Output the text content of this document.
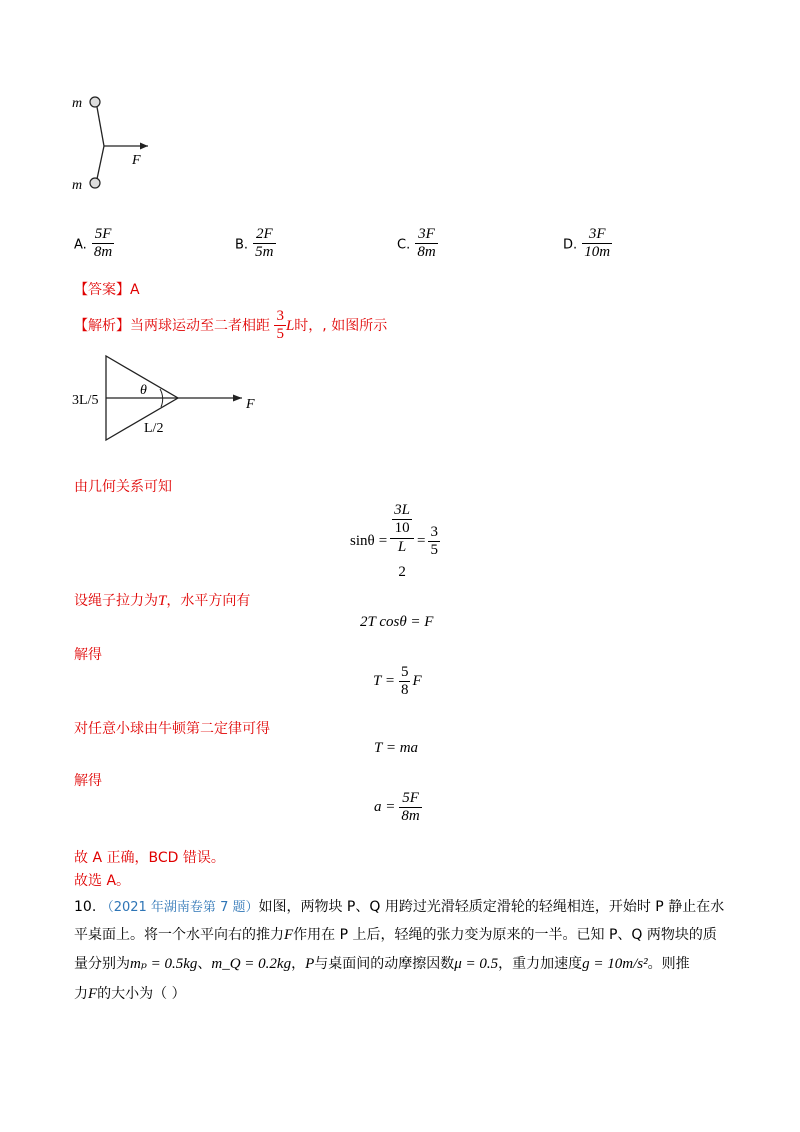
m
F
m
A. $\frac{5F}{8m}$	B. $\frac{2F}{5m}$	C. $\frac{3F}{8m}$	D. $\frac{3F}{10m}$
【答案】A
【解析】当两球运动至二者相距 $\frac{3}{5}$ L时，, 如图所示
θ
3L/5
L/2
F
由几何关系可知
$\sin\theta = \frac{3L}{10}$
L
$2 = \frac{3}{5}$
设绳子拉力为T，水平方向有
2T cosθ = F
解得
$T = \frac{5}{8}$ F
对任意小球由牛顿第二定律可得
T = ma
解得
$a = \frac{5F}{8m}$
故 A 正确，BCD 错误。
故选 A。
10. （2021 年湖南卷第 7 题）如图，两物块 P、Q 用跨过光滑轻质定滑轮的轻绳相连，开始时 P 静止在水
平桌面上。将一个水平向右的推力F作用在 P 上后，轻绳的张力变为原来的一半。已知 P、Q 两物块的质
量分别为mₚ = 0.5kg、m_Q = 0.2kg，P与桌面间的动摩擦因数μ = 0.5，重力加速度g = 10m/s²。则推
力F的大小为（ ）
